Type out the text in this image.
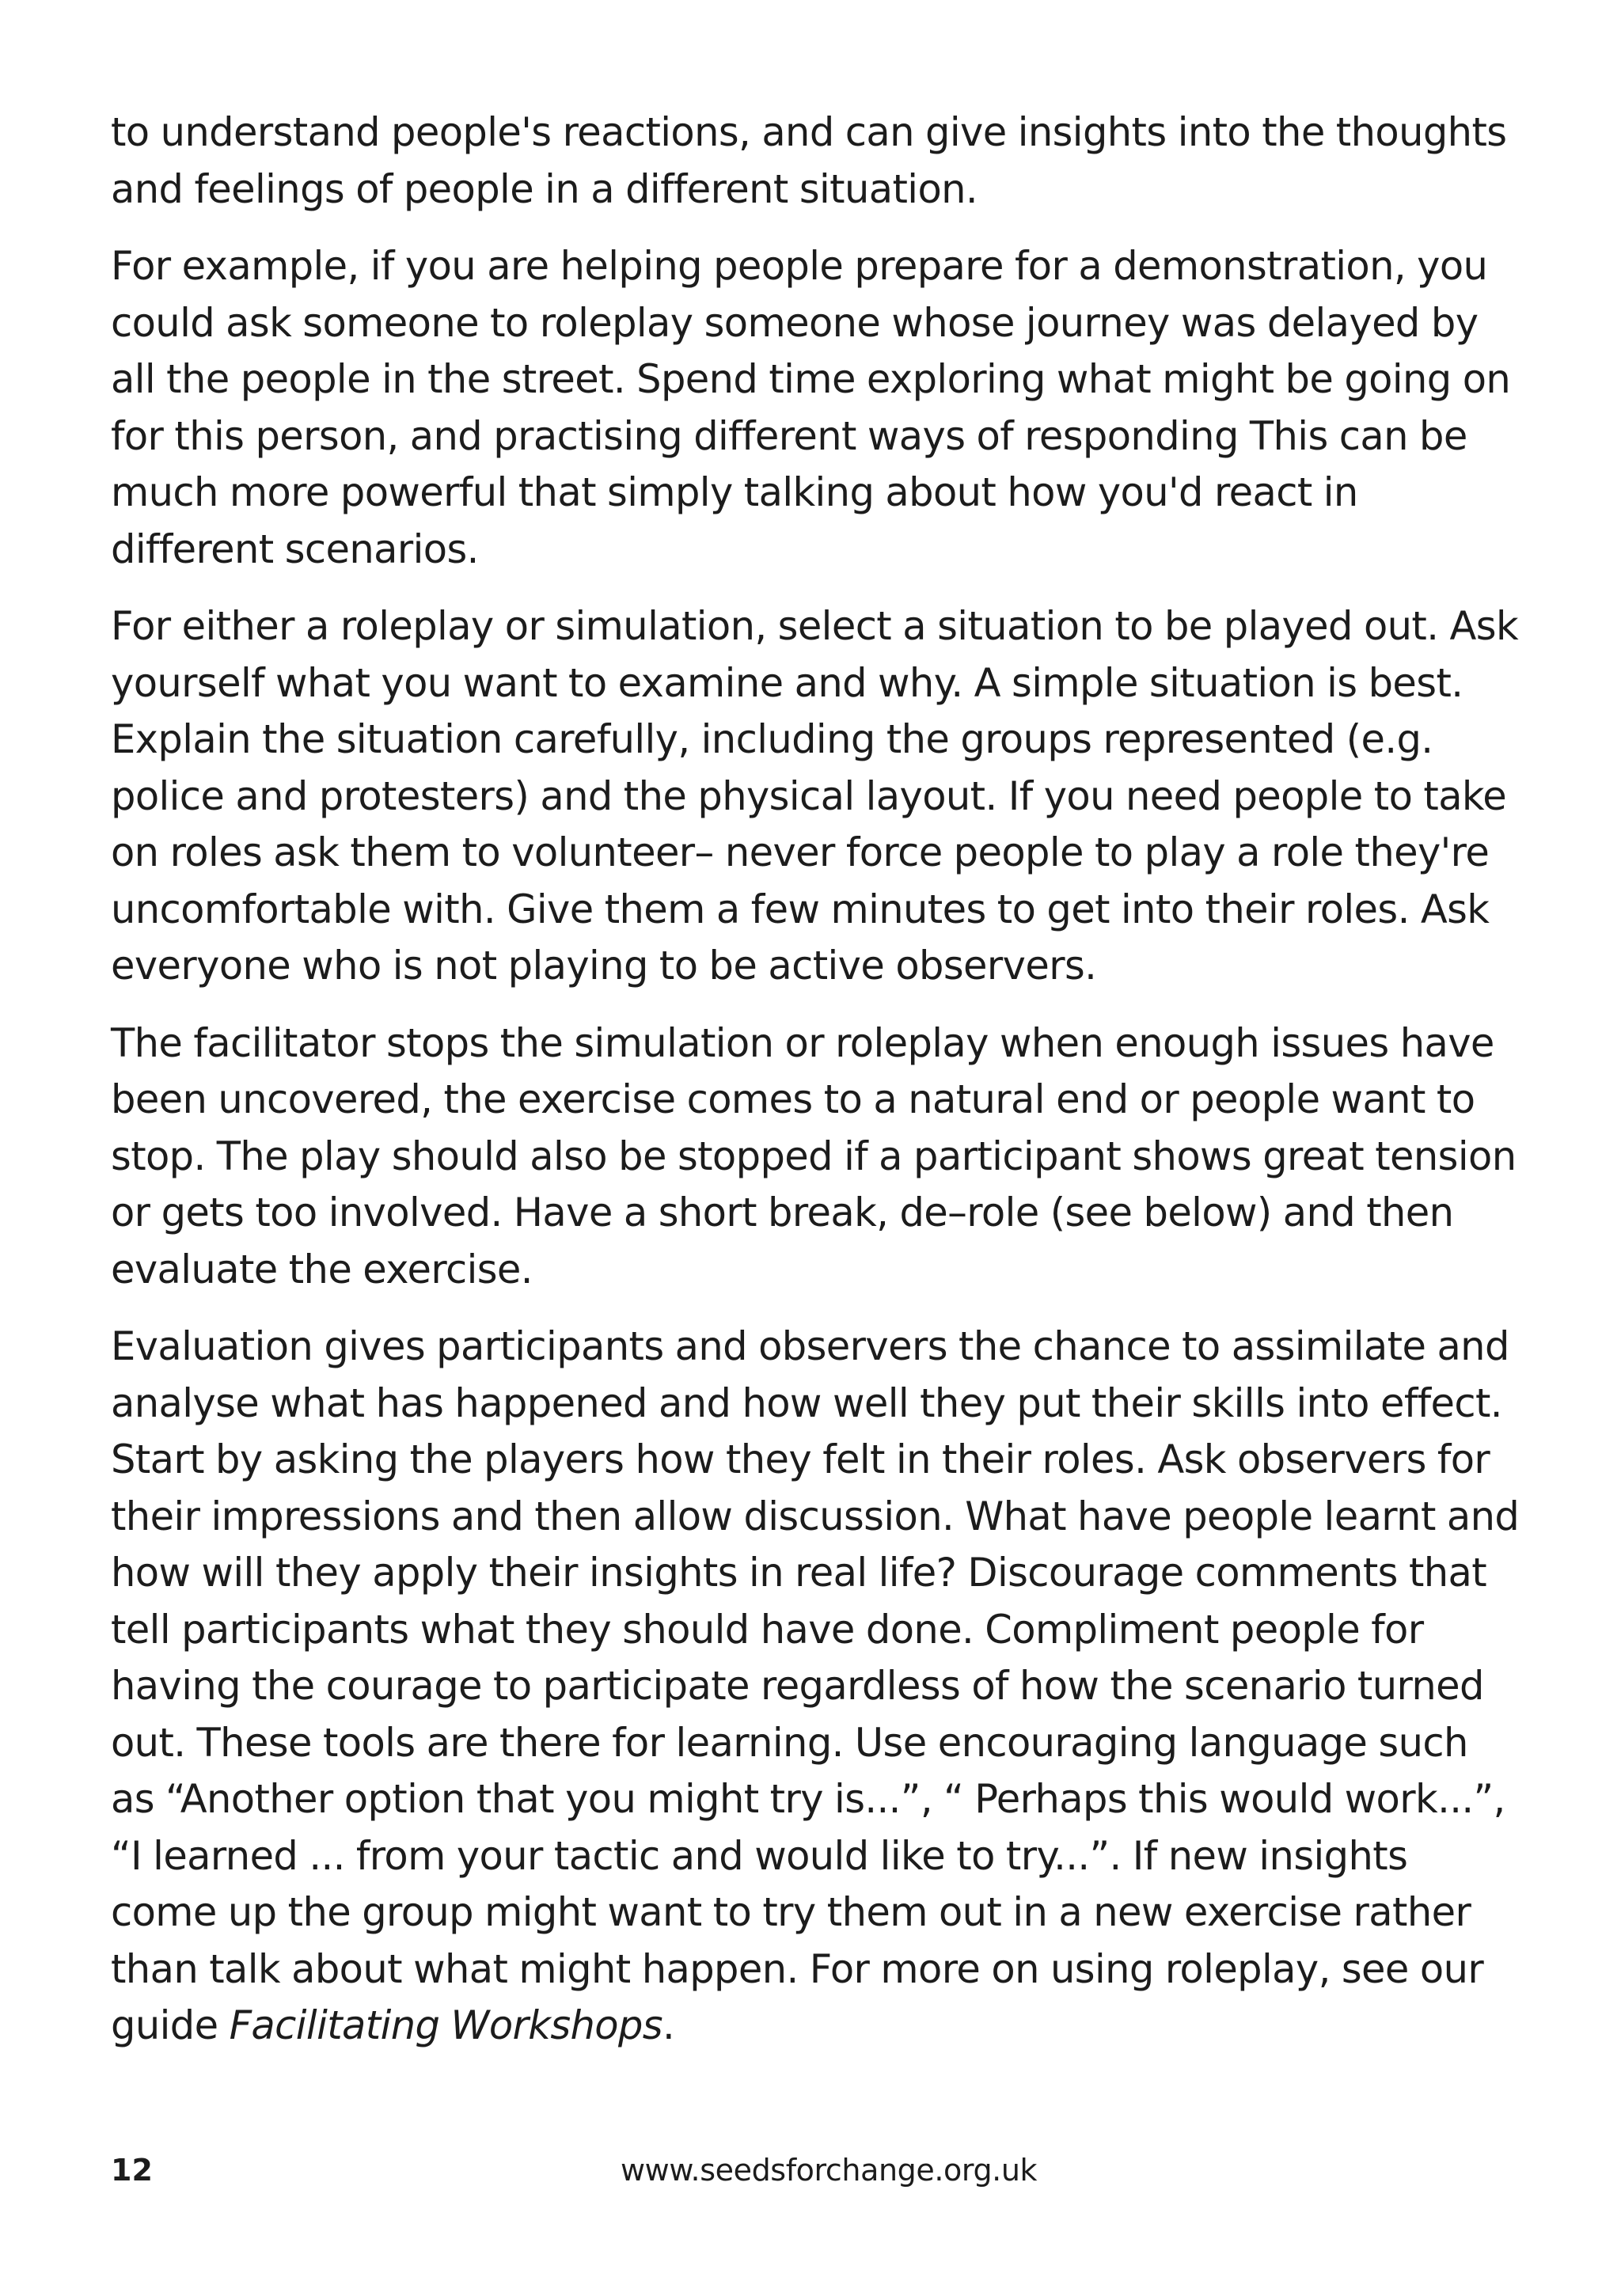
to understand people's reactions, and can give insights into the thoughts and feelings of people in a different situation.

For example, if you are helping people prepare for a demonstration, you could ask someone to roleplay someone whose journey was delayed by all the people in the street. Spend time exploring what might be going on for this person, and practising different ways of responding This can be much more powerful that simply talking about how you'd react in different scenarios.

For either a roleplay or simulation, select a situation to be played out. Ask yourself what you want to examine and why. A simple situation is best. Explain the situation carefully, including the groups represented (e.g. police and protesters) and the physical layout. If you need people to take on roles ask them to volunteer– never force people to play a role they're uncomfortable with. Give them a few minutes to get into their roles. Ask everyone who is not playing to be active observers.

The facilitator stops the simulation or roleplay when enough issues have been uncovered, the exercise comes to a natural end or people want to stop. The play should also be stopped if a participant shows great tension or gets too involved. Have a short break, de–role (see below) and then evaluate the exercise.

Evaluation gives participants and observers the chance to assimilate and analyse what has happened and how well they put their skills into effect. Start by asking the players how they felt in their roles. Ask observers for their impressions and then allow discussion. What have people learnt and how will they apply their insights in real life? Discourage comments that tell participants what they should have done. Compliment people for having the courage to participate regardless of how the scenario turned out. These tools are there for learning. Use encouraging language such as “Another option that you might try is...”, “ Perhaps this would work...”, “I learned ... from your tactic and would like to try...”. If new insights come up the group might want to try them out in a new exercise rather than talk about what might happen. For more on using roleplay, see our guide Facilitating Workshops.

12	www.seedsforchange.org.uk
